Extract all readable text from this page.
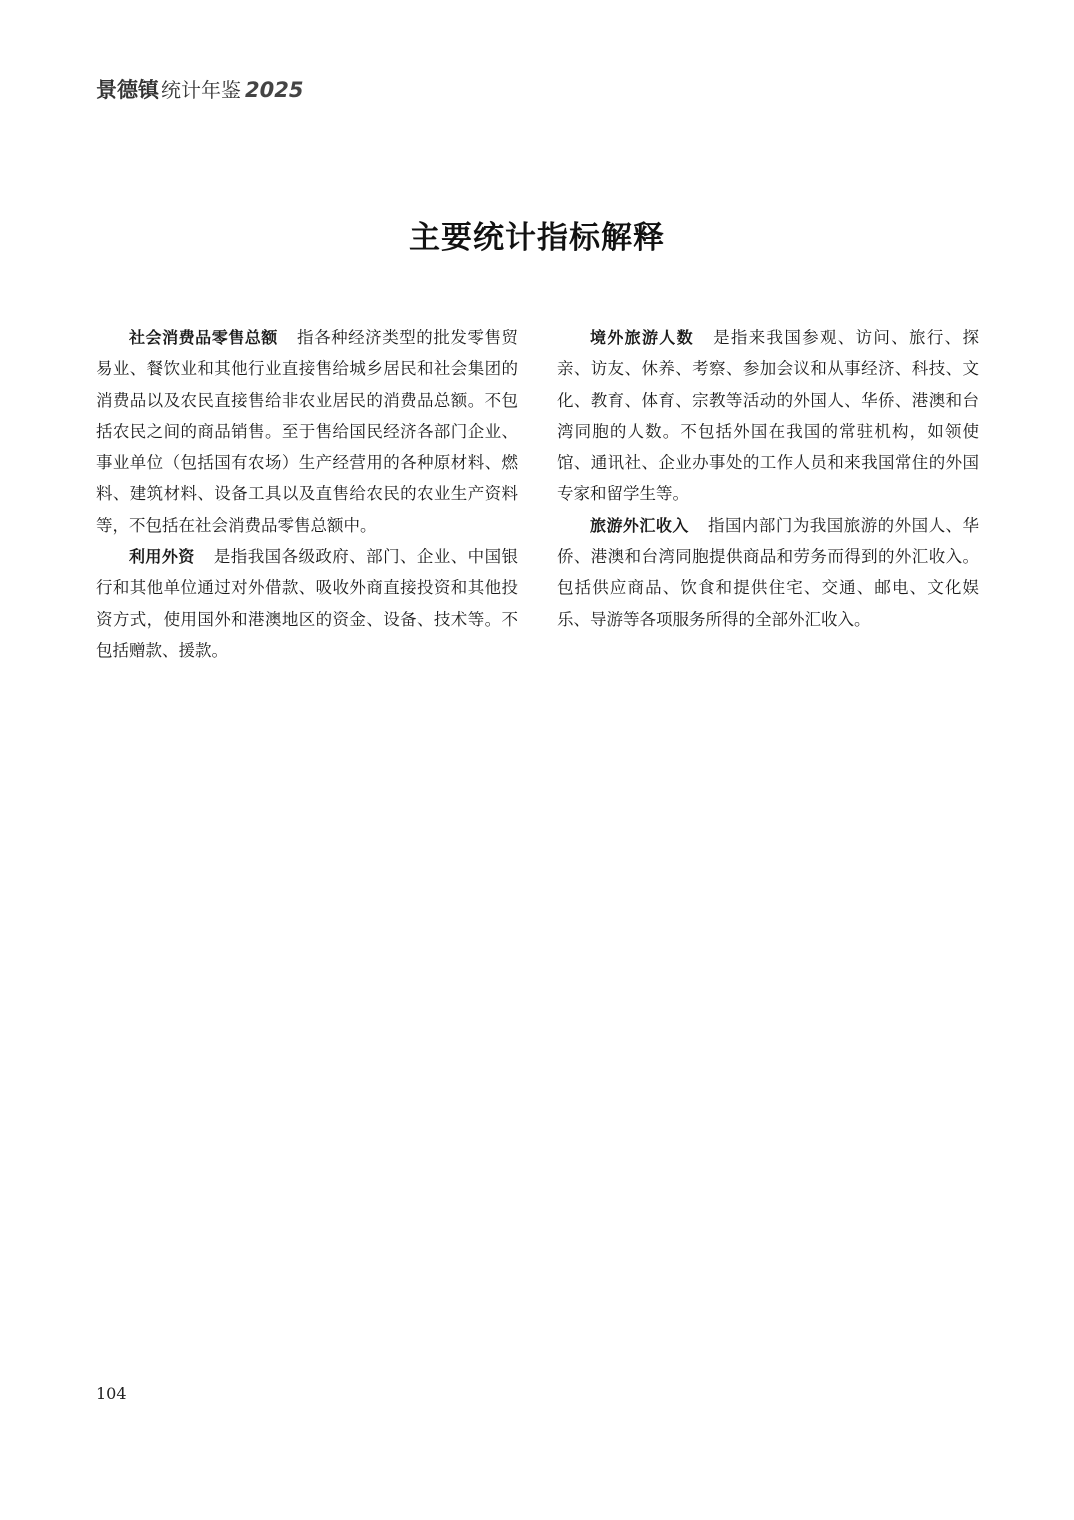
景德镇 统计年鉴 2025
主要统计指标解释

社会消费品零售总额 指各种经济类型的批发零售贸易业、餐饮业和其他行业直接售给城乡居民和社会集团的消费品以及农民直接售给非农业居民的消费品总额。不包括农民之间的商品销售。至于售给国民经济各部门企业、事业单位（包括国有农场）生产经营用的各种原材料、燃料、建筑材料、设备工具以及直售给农民的农业生产资料等，不包括在社会消费品零售总额中。

利用外资 是指我国各级政府、部门、企业、中国银行和其他单位通过对外借款、吸收外商直接投资和其他投资方式，使用国外和港澳地区的资金、设备、技术等。不包括赠款、援款。

境外旅游人数 是指来我国参观、访问、旅行、探亲、访友、休养、考察、参加会议和从事经济、科技、文化、教育、体育、宗教等活动的外国人、华侨、港澳和台湾同胞的人数。不包括外国在我国的常驻机构，如领使馆、通讯社、企业办事处的工作人员和来我国常住的外国专家和留学生等。

旅游外汇收入 指国内部门为我国旅游的外国人、华侨、港澳和台湾同胞提供商品和劳务而得到的外汇收入。包括供应商品、饮食和提供住宅、交通、邮电、文化娱乐、导游等各项服务所得的全部外汇收入。

104
